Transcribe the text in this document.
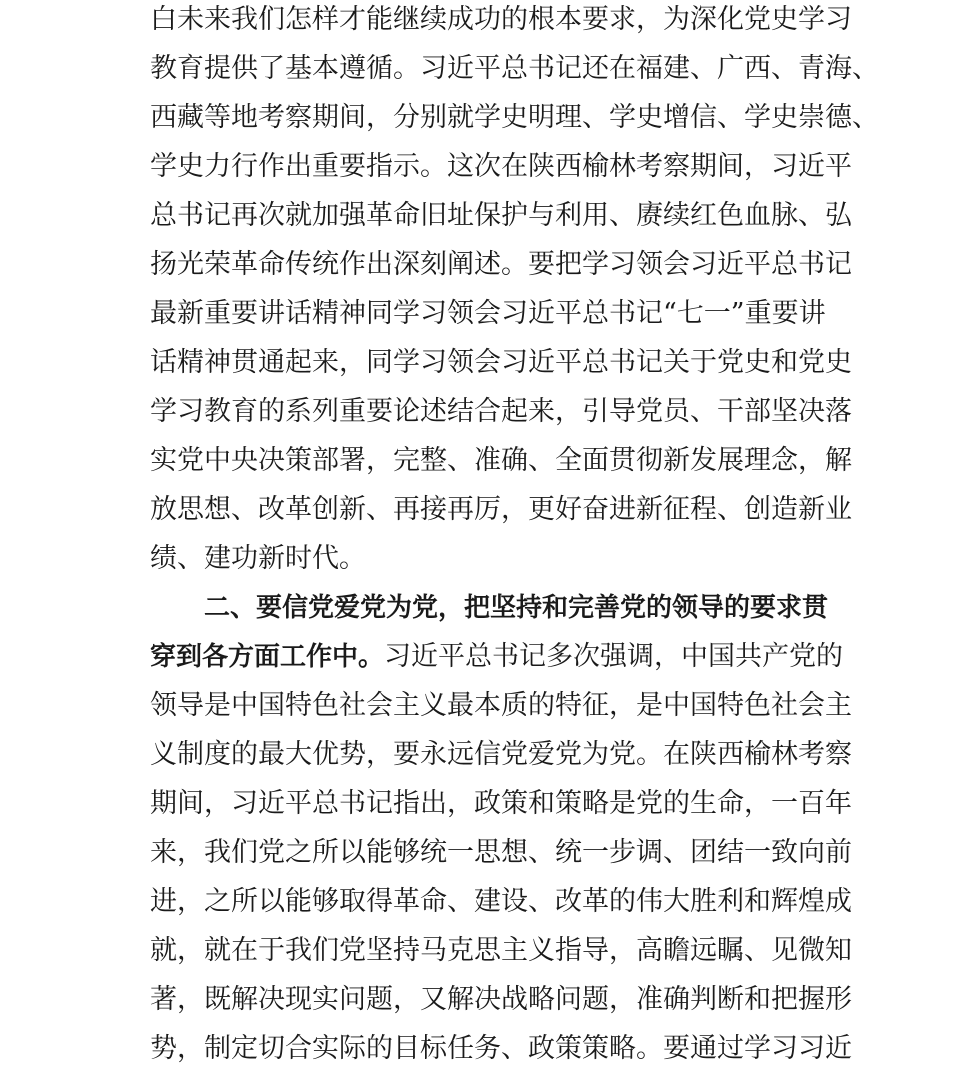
白未来我们怎样才能继续成功的根本要求，为深化党史学习
教育提供了基本遵循。习近平总书记还在福建、广西、青海、
西藏等地考察期间，分别就学史明理、学史增信、学史崇德、
学史力行作出重要指示。这次在陕西榆林考察期间，习近平
总书记再次就加强革命旧址保护与利用、赓续红色血脉、弘
扬光荣革命传统作出深刻阐述。要把学习领会习近平总书记
最新重要讲话精神同学习领会习近平总书记“七一”重要讲
话精神贯通起来，同学习领会习近平总书记关于党史和党史
学习教育的系列重要论述结合起来，引导党员、干部坚决落
实党中央决策部署，完整、准确、全面贯彻新发展理念，解
放思想、改革创新、再接再厉，更好奋进新征程、创造新业
绩、建功新时代。
二、要信党爱党为党，把坚持和完善党的领导的要求贯
穿到各方面工作中。习近平总书记多次强调，中国共产党的
领导是中国特色社会主义最本质的特征，是中国特色社会主
义制度的最大优势，要永远信党爱党为党。在陕西榆林考察
期间，习近平总书记指出，政策和策略是党的生命，一百年
来，我们党之所以能够统一思想、统一步调、团结一致向前
进，之所以能够取得革命、建设、改革的伟大胜利和辉煌成
就，就在于我们党坚持马克思主义指导，高瞻远瞩、见微知
著，既解决现实问题，又解决战略问题，准确判断和把握形
势，制定切合实际的目标任务、政策策略。要通过学习习近
